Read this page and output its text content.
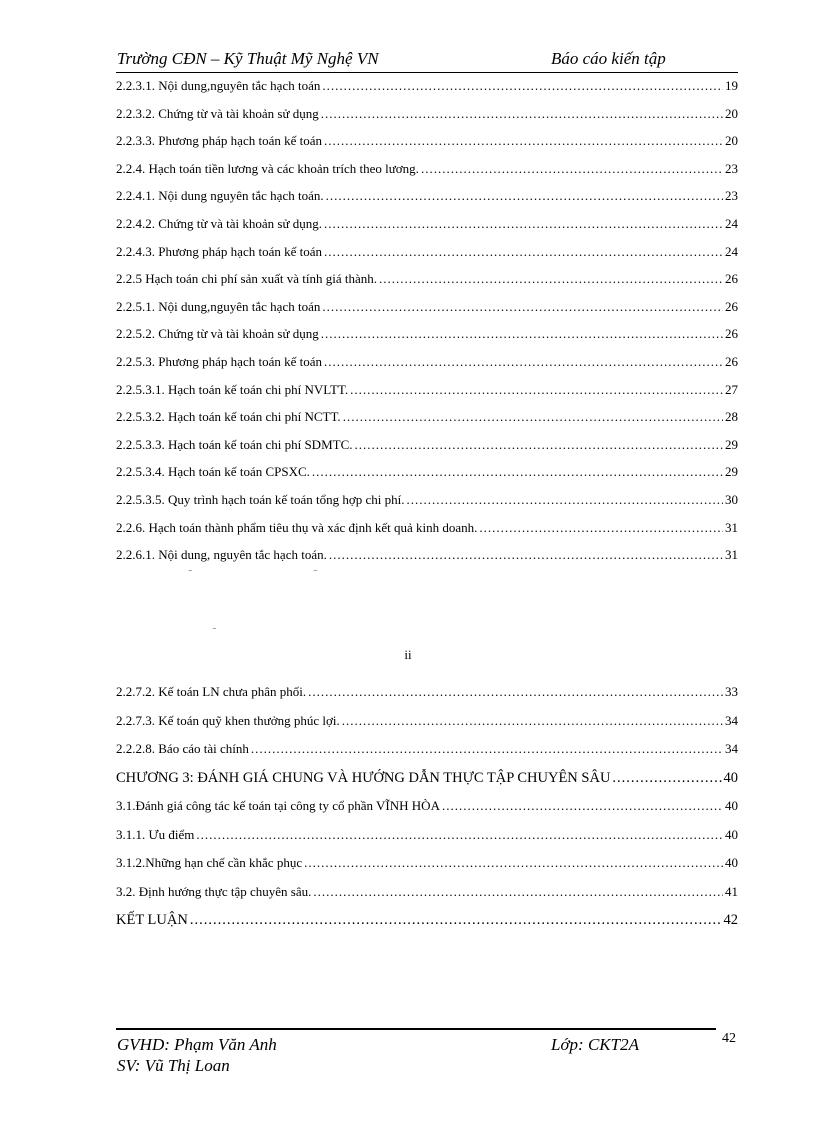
Trường CĐN – Kỹ Thuật Mỹ Nghệ VN	Báo cáo kiến tập
2.2.3.1. Nội dung,nguyên tắc hạch toán .....	19
2.2.3.2. Chứng từ và tài khoản sử dụng .....	20
2.2.3.3. Phương pháp hạch toán kế toán .....	20
2.2.4. Hạch toán tiền lương và các khoản trích theo lương. .....	23
2.2.4.1. Nội dung nguyên tắc hạch toán. .....	23
2.2.4.2. Chứng từ và tài khoản sử dụng. .....	24
2.2.4.3. Phương pháp hạch toán kế toán .....	24
2.2.5 Hạch toán chi phí sản xuất và tính giá thành. .....	26
2.2.5.1. Nội dung,nguyên tắc hạch toán .....	26
2.2.5.2. Chứng từ và tài khoản sử dụng .....	26
2.2.5.3. Phương pháp hạch toán kế toán .....	26
2.2.5.3.1. Hạch toán kế toán chi phí NVLTT. .....	27
2.2.5.3.2. Hạch toán kế toán chi phí NCTT. .....	28
2.2.5.3.3. Hạch toán kế toán chi phí SDMTC. .....	29
2.2.5.3.4. Hạch toán kế toán CPSXC. .....	29
2.2.5.3.5. Quy trình hạch toán kế toán tổng hợp chi phí. .....	30
2.2.6. Hạch toán thành phẩm tiêu thụ và xác định kết quả kinh doanh. .....	31
2.2.6.1. Nội dung, nguyên tắc hạch toán. .....	31
.....
.....
ii
2.2.7.2. Kế toán LN chưa phân phối. .....	33
2.2.7.3. Kế toán quỹ khen thưởng phúc lợi. .....	34
2.2.2.8. Báo cáo tài chính .....	34
CHƯƠNG 3: ĐÁNH GIÁ CHUNG VÀ HƯỚNG DẪN THỰC TẬP CHUYÊN SÂU .....	40
3.1.Đánh giá công tác kế toán tại công ty cổ phần VĨNH HÒA .....	40
3.1.1. Ưu điểm .....	40
3.1.2.Những hạn chế cần khắc phục .....	40
3.2. Định hướng thực tập chuyên sâu. .....	41
KẾT LUẬN .....	42
GVHD: Phạm Văn Anh
SV: Vũ Thị Loan
Lớp: CKT2A	42
